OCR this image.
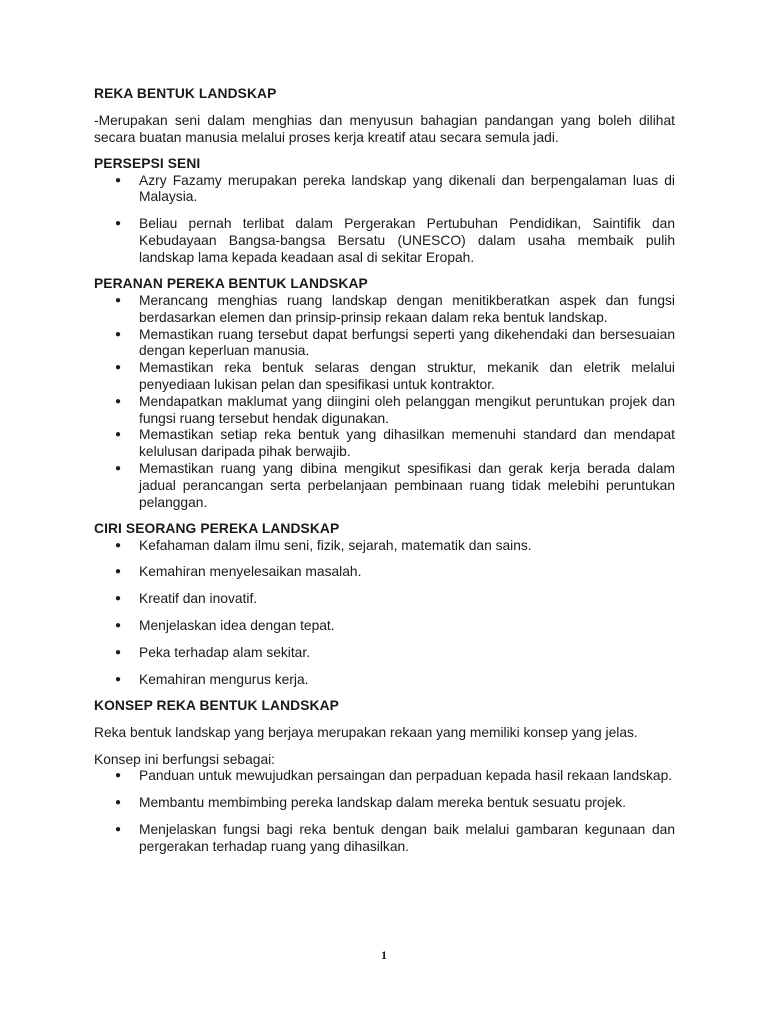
REKA BENTUK LANDSKAP

-Merupakan seni dalam menghias dan menyusun bahagian pandangan yang boleh dilihat secara buatan manusia melalui proses kerja kreatif atau secara semula jadi.

PERSEPSI SENI

● Azry Fazamy merupakan pereka landskap yang dikenali dan berpengalaman luas di Malaysia.
● Beliau pernah terlibat dalam Pergerakan Pertubuhan Pendidikan, Saintifik dan Kebudayaan Bangsa-bangsa Bersatu (UNESCO) dalam usaha membaik pulih landskap lama kepada keadaan asal di sekitar Eropah.

PERANAN PEREKA BENTUK LANDSKAP

● Merancang menghias ruang landskap dengan menitikberatkan aspek dan fungsi berdasarkan elemen dan prinsip-prinsip rekaan dalam reka bentuk landskap.
● Memastikan ruang tersebut dapat berfungsi seperti yang dikehendaki dan bersesuaian dengan keperluan manusia.
● Memastikan reka bentuk selaras dengan struktur, mekanik dan eletrik melalui penyediaan lukisan pelan dan spesifikasi untuk kontraktor.
● Mendapatkan maklumat yang diingini oleh pelanggan mengikut peruntukan projek dan fungsi ruang tersebut hendak digunakan.
● Memastikan setiap reka bentuk yang dihasilkan memenuhi standard dan mendapat kelulusan daripada pihak berwajib.
● Memastikan ruang yang dibina mengikut spesifikasi dan gerak kerja berada dalam jadual perancangan serta perbelanjaan pembinaan ruang tidak melebihi peruntukan pelanggan.

CIRI SEORANG PEREKA LANDSKAP

● Kefahaman dalam ilmu seni, fizik, sejarah, matematik dan sains.
● Kemahiran menyelesaikan masalah.
● Kreatif dan inovatif.
● Menjelaskan idea dengan tepat.
● Peka terhadap alam sekitar.
● Kemahiran mengurus kerja.

KONSEP REKA BENTUK LANDSKAP

Reka bentuk landskap yang berjaya merupakan rekaan yang memiliki konsep yang jelas.

Konsep ini berfungsi sebagai:

● Panduan untuk mewujudkan persaingan dan perpaduan kepada hasil rekaan landskap.
● Membantu membimbing pereka landskap dalam mereka bentuk sesuatu projek.
● Menjelaskan fungsi bagi reka bentuk dengan baik melalui gambaran kegunaan dan pergerakan terhadap ruang yang dihasilkan.
1
